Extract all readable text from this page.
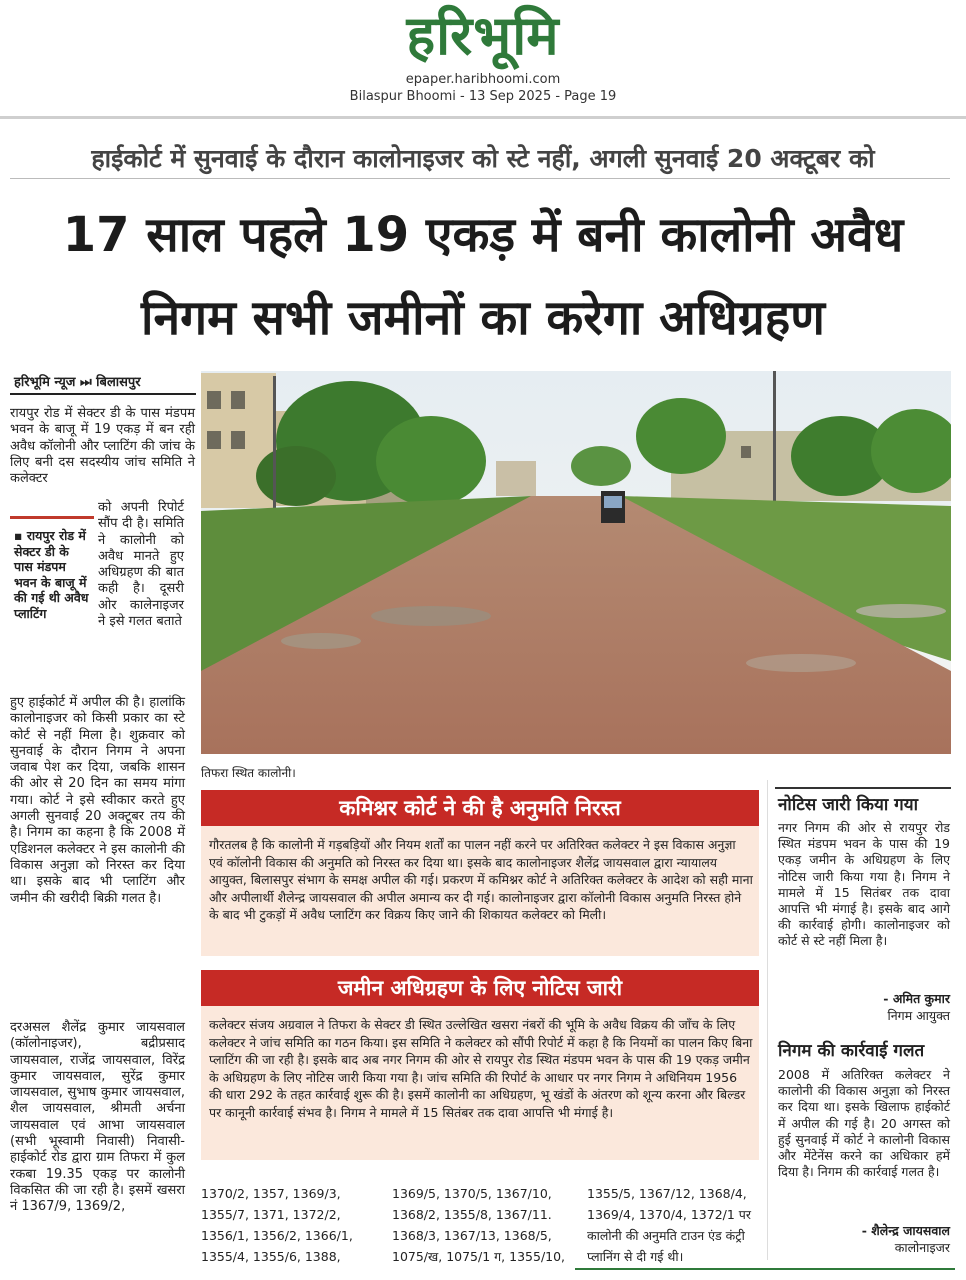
हरिभूमि
epaper.haribhoomi.com
Bilaspur Bhoomi - 13 Sep 2025 - Page 19
हाईकोर्ट में सुनवाई के दौरान कालोनाइजर को स्टे नहीं, अगली सुनवाई 20 अक्टूबर को
17 साल पहले 19 एकड़ में बनी कालोनी अवैध
निगम सभी जमीनों का करेगा अधिग्रहण
हरिभूमि न्यूज ⏭ बिलासपुर
रायपुर रोड में सेक्टर डी के पास मंडपम भवन के बाजू में 19 एकड़ में बन रही अवैध कॉलोनी और प्लाटिंग की जांच के लिए बनी दस सदस्यीय जांच समिति ने कलेक्टर
▪ रायपुर रोड में सेक्टर डी के पास मंडपम भवन के बाजू में की गई थी अवैध प्लाटिंग
को अपनी रिपोर्ट सौंप दी है। समिति ने कालोनी को अवैध मानते हुए अधिग्रहण की बात कही है। दूसरी ओर कालेनाइजर ने इसे गलत बताते
हुए हाईकोर्ट में अपील की है। हालांकि कालोनाइजर को किसी प्रकार का स्टे कोर्ट से नहीं मिला है। शुक्रवार को सुनवाई के दौरान निगम ने अपना जवाब पेश कर दिया, जबकि शासन की ओर से 20 दिन का समय मांगा गया। कोर्ट ने इसे स्वीकार करते हुए अगली सुनवाई 20 अक्टूबर तय की है। निगम का कहना है कि 2008 में एडिशनल कलेक्टर ने इस कालोनी की विकास अनुज्ञा को निरस्त कर दिया था। इसके बाद भी प्लाटिंग और जमीन की खरीदी बिक्री गलत है।
दरअसल शैलेंद्र कुमार जायसवाल (कॉलोनाइजर), बद्रीप्रसाद जायसवाल, राजेंद्र जायसवाल, विरेंद्र कुमार जायसवाल, सुरेंद्र कुमार जायसवाल, सुभाष कुमार जायसवाल, शैल जायसवाल, श्रीमती अर्चना जायसवाल एवं आभा जायसवाल (सभी भूस्वामी निवासी) निवासी-हाईकोर्ट रोड द्वारा ग्राम तिफरा में कुल रकबा 19.35 एकड़ पर कालोनी विकसित की जा रही है। इसमें खसरा नं 1367/9, 1369/2,
तिफरा स्थित कालोनी।
कमिश्नर कोर्ट ने की है अनुमति निरस्त
गौरतलब है कि कालोनी में गड़बड़ियों और नियम शर्तों का पालन नहीं करने पर अतिरिक्त कलेक्टर ने इस विकास अनुज्ञा एवं कॉलोनी विकास की अनुमति को निरस्त कर दिया था। इसके बाद कालोनाइजर शैलेंद्र जायसवाल द्वारा न्यायालय आयुक्त, बिलासपुर संभाग के समक्ष अपील की गई। प्रकरण में कमिश्नर कोर्ट ने अतिरिक्त कलेक्टर के आदेश को सही माना और अपीलार्थी शैलेन्द्र जायसवाल की अपील अमान्य कर दी गई। कालोनाइजर द्वारा कॉलोनी विकास अनुमति निरस्त होने के बाद भी टुकड़ों में अवैध प्लाटिंग कर विक्रय किए जाने की शिकायत कलेक्टर को मिली।
जमीन अधिग्रहण के लिए नोटिस जारी
कलेक्टर संजय अग्रवाल ने तिफरा के सेक्टर डी स्थित उल्लेखित खसरा नंबरों की भूमि के अवैध विक्रय की जाँच के लिए कलेक्टर ने जांच समिति का गठन किया। इस समिति ने कलेक्टर को सौंपी रिपोर्ट में कहा है कि नियमों का पालन किए बिना प्लाटिंग की जा रही है। इसके बाद अब नगर निगम की ओर से रायपुर रोड स्थित मंडपम भवन के पास की 19 एकड़ जमीन के अधिग्रहण के लिए नोटिस जारी किया गया है। जांच समिति की रिपोर्ट के आधार पर नगर निगम ने अधिनियम 1956 की धारा 292 के तहत कार्रवाई शुरू की है। इसमें कालोनी का अधिग्रहण, भू खंडों के अंतरण को शून्य करना और बिल्डर पर कानूनी कार्रवाई संभव है। निगम ने मामले में 15 सितंबर तक दावा आपत्ति भी मंगाई है।
1370/2, 1357, 1369/3, 1355/7, 1371, 1372/2, 1356/1, 1356/2, 1366/1, 1355/4, 1355/6, 1388,
1369/5, 1370/5, 1367/10, 1368/2, 1355/8, 1367/11. 1368/3, 1367/13, 1368/5, 1075/ख, 1075/1 ग, 1355/10,
1355/5, 1367/12, 1368/4, 1369/4, 1370/4, 1372/1 पर कालोनी की अनुमति टाउन एंड कंट्री प्लानिंग से दी गई थी।
नोटिस जारी किया गया
नगर निगम की ओर से रायपुर रोड स्थित मंडपम भवन के पास की 19 एकड़ जमीन के अधिग्रहण के लिए नोटिस जारी किया गया है। निगम ने मामले में 15 सितंबर तक दावा आपत्ति भी मंगाई है। इसके बाद आगे की कार्रवाई होगी। कालोनाइजर को कोर्ट से स्टे नहीं मिला है।
- अमित कुमार
निगम आयुक्त
निगम की कार्रवाई गलत
2008 में अतिरिक्त कलेक्टर ने कालोनी की विकास अनुज्ञा को निरस्त कर दिया था। इसके खिलाफ हाईकोर्ट में अपील की गई है। 20 अगस्त को हुई सुनवाई में कोर्ट ने कालोनी विकास और मेंटेनेंस करने का अधिकार हमें दिया है। निगम की कार्रवाई गलत है।
- शैलेन्द्र जायसवाल
कालोनाइजर
